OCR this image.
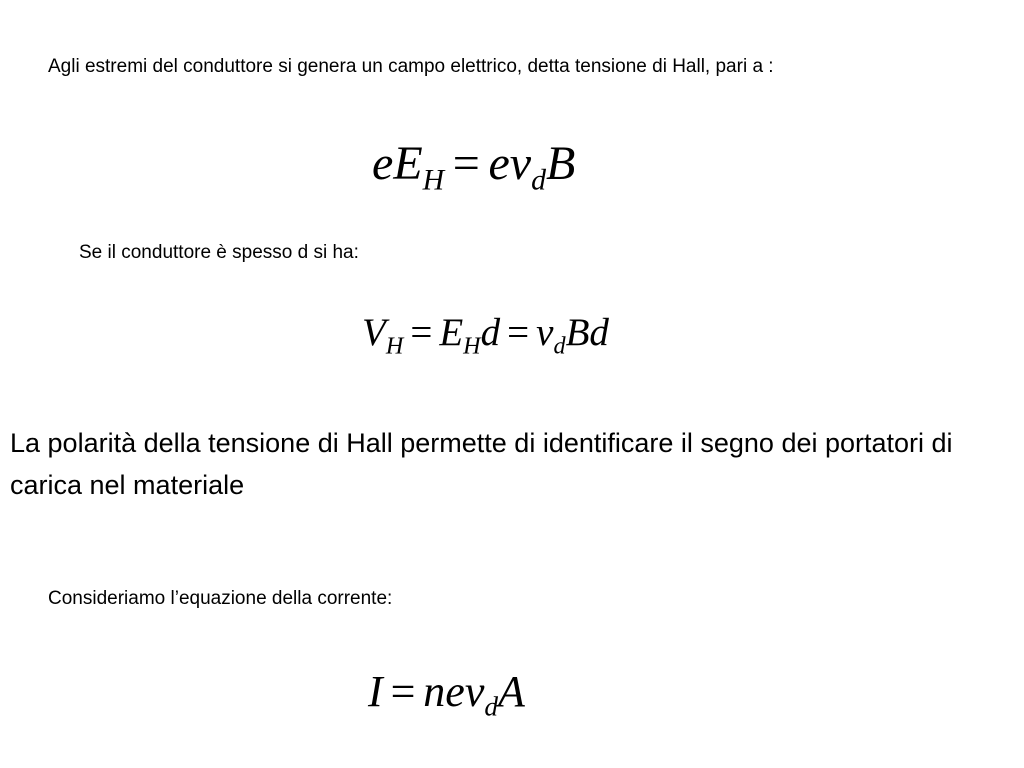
Agli estremi del conduttore si genera un campo elettrico, detta tensione di Hall, pari a :
$eE_H = ev_dB$
Se il conduttore è spesso d si ha:
$V_H = E_Hd = v_dBd$
La polarità della tensione di Hall permette di identificare il segno dei portatori di carica nel materiale
Consideriamo l’equazione della corrente:
I = nev$_d$A
